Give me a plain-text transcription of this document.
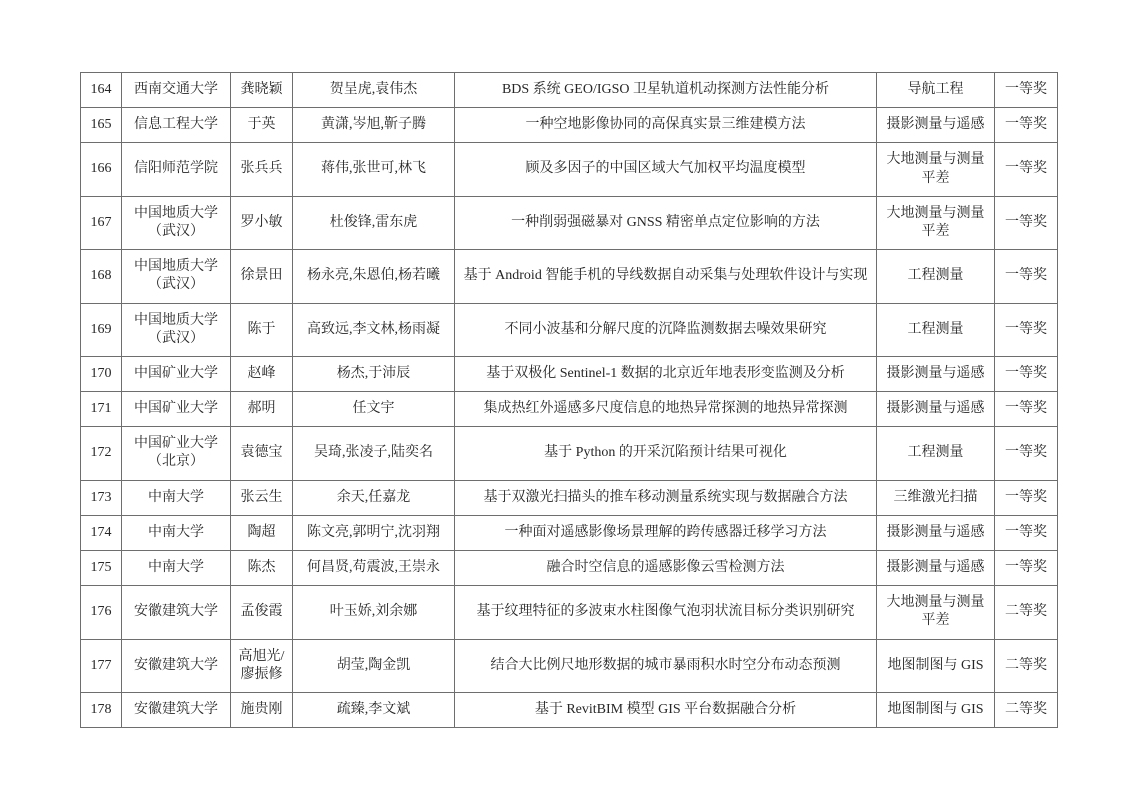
164	西南交通大学	龚晓颖	贺呈虎,袁伟杰	BDS 系统 GEO/IGSO 卫星轨道机动探测方法性能分析	导航工程	一等奖
165	信息工程大学	于英	黄潇,岑旭,靳子腾	一种空地影像协同的高保真实景三维建模方法	摄影测量与遥感	一等奖
166	信阳师范学院	张兵兵	蒋伟,张世可,林飞	顾及多因子的中国区域大气加权平均温度模型	大地测量与测量平差	一等奖
167	中国地质大学（武汉）	罗小敏	杜俊锋,雷东虎	一种削弱强磁暴对 GNSS 精密单点定位影响的方法	大地测量与测量平差	一等奖
168	中国地质大学（武汉）	徐景田	杨永亮,朱恩伯,杨若曦	基于 Android 智能手机的导线数据自动采集与处理软件设计与实现	工程测量	一等奖
169	中国地质大学（武汉）	陈于	高致远,李文林,杨雨凝	不同小波基和分解尺度的沉降监测数据去噪效果研究	工程测量	一等奖
170	中国矿业大学	赵峰	杨杰,于沛辰	基于双极化 Sentinel-1 数据的北京近年地表形变监测及分析	摄影测量与遥感	一等奖
171	中国矿业大学	郝明	任文宇	集成热红外遥感多尺度信息的地热异常探测的地热异常探测	摄影测量与遥感	一等奖
172	中国矿业大学（北京）	袁德宝	吴琦,张凌子,陆奕名	基于 Python 的开采沉陷预计结果可视化	工程测量	一等奖
173	中南大学	张云生	余天,任嘉龙	基于双激光扫描头的推车移动测量系统实现与数据融合方法	三维激光扫描	一等奖
174	中南大学	陶超	陈文亮,郭明宁,沈羽翔	一种面对遥感影像场景理解的跨传感器迁移学习方法	摄影测量与遥感	一等奖
175	中南大学	陈杰	何昌贤,苟震波,王崇永	融合时空信息的遥感影像云雪检测方法	摄影测量与遥感	一等奖
176	安徽建筑大学	孟俊霞	叶玉娇,刘余娜	基于纹理特征的多波束水柱图像气泡羽状流目标分类识别研究	大地测量与测量平差	二等奖
177	安徽建筑大学	高旭光/廖振修	胡莹,陶金凯	结合大比例尺地形数据的城市暴雨积水时空分布动态预测	地图制图与 GIS	二等奖
178	安徽建筑大学	施贵刚	疏臻,李文斌	基于 RevitBIM 模型 GIS 平台数据融合分析	地图制图与 GIS	二等奖
